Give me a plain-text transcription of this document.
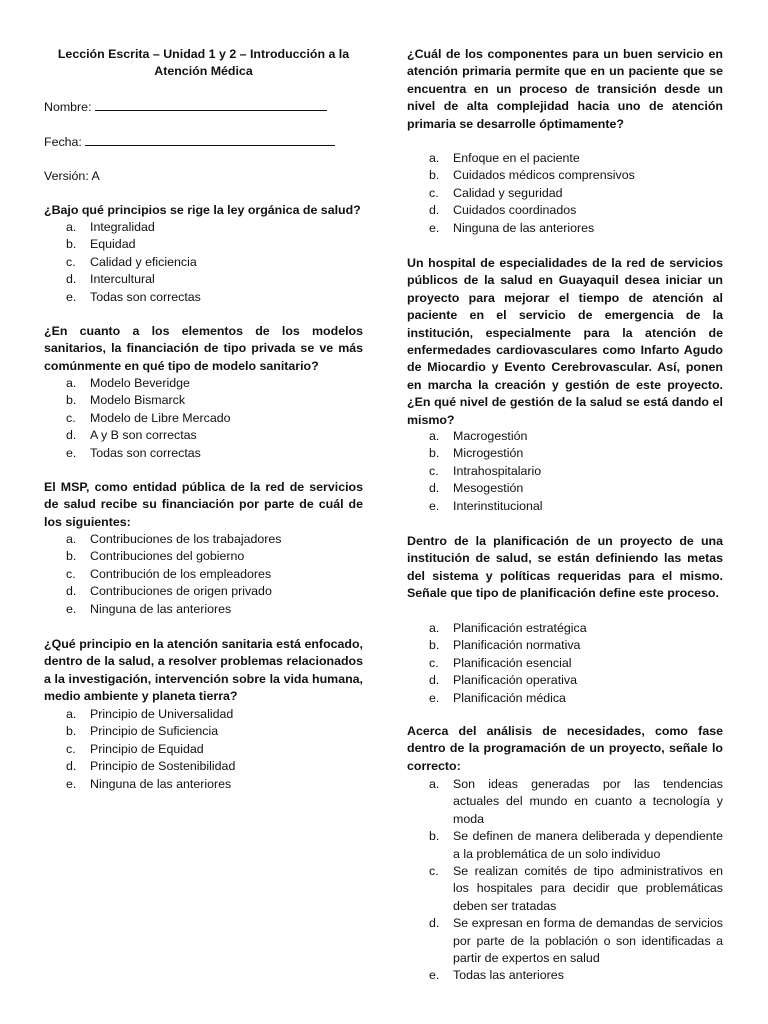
Lección Escrita – Unidad 1 y 2 – Introducción a la
Atención Médica
Nombre:
Fecha:
Versión: A
¿Bajo qué principios se rige la ley orgánica de salud?
a. Integralidad
b. Equidad
c. Calidad y eficiencia
d. Intercultural
e. Todas son correctas
¿En cuanto a los elementos de los modelos sanitarios, la financiación de tipo privada se ve más comúnmente en qué tipo de modelo sanitario?
a. Modelo Beveridge
b. Modelo Bismarck
c. Modelo de Libre Mercado
d. A y B son correctas
e. Todas son correctas
El MSP, como entidad pública de la red de servicios de salud recibe su financiación por parte de cuál de los siguientes:
a. Contribuciones de los trabajadores
b. Contribuciones del gobierno
c. Contribución de los empleadores
d. Contribuciones de origen privado
e. Ninguna de las anteriores
¿Qué principio en la atención sanitaria está enfocado, dentro de la salud, a resolver problemas relacionados a la investigación, intervención sobre la vida humana, medio ambiente y planeta tierra?
a. Principio de Universalidad
b. Principio de Suficiencia
c. Principio de Equidad
d. Principio de Sostenibilidad
e. Ninguna de las anteriores
¿Cuál de los componentes para un buen servicio en atención primaria permite que en un paciente que se encuentra en un proceso de transición desde un nivel de alta complejidad hacia uno de atención primaria se desarrolle óptimamente?
a. Enfoque en el paciente
b. Cuidados médicos comprensivos
c. Calidad y seguridad
d. Cuidados coordinados
e. Ninguna de las anteriores
Un hospital de especialidades de la red de servicios públicos de la salud en Guayaquil desea iniciar un proyecto para mejorar el tiempo de atención al paciente en el servicio de emergencia de la institución, especialmente para la atención de enfermedades cardiovasculares como Infarto Agudo de Miocardio y Evento Cerebrovascular. Así, ponen en marcha la creación y gestión de este proyecto. ¿En qué nivel de gestión de la salud se está dando el mismo?
a. Macrogestión
b. Microgestión
c. Intrahospitalario
d. Mesogestión
e. Interinstitucional
Dentro de la planificación de un proyecto de una institución de salud, se están definiendo las metas del sistema y políticas requeridas para el mismo. Señale que tipo de planificación define este proceso.
a. Planificación estratégica
b. Planificación normativa
c. Planificación esencial
d. Planificación operativa
e. Planificación médica
Acerca del análisis de necesidades, como fase dentro de la programación de un proyecto, señale lo correcto:
a. Son ideas generadas por las tendencias actuales del mundo en cuanto a tecnología y moda
b. Se definen de manera deliberada y dependiente a la problemática de un solo individuo
c. Se realizan comités de tipo administrativos en los hospitales para decidir que problemáticas deben ser tratadas
d. Se expresan en forma de demandas de servicios por parte de la población o son identificadas a partir de expertos en salud
e. Todas las anteriores
